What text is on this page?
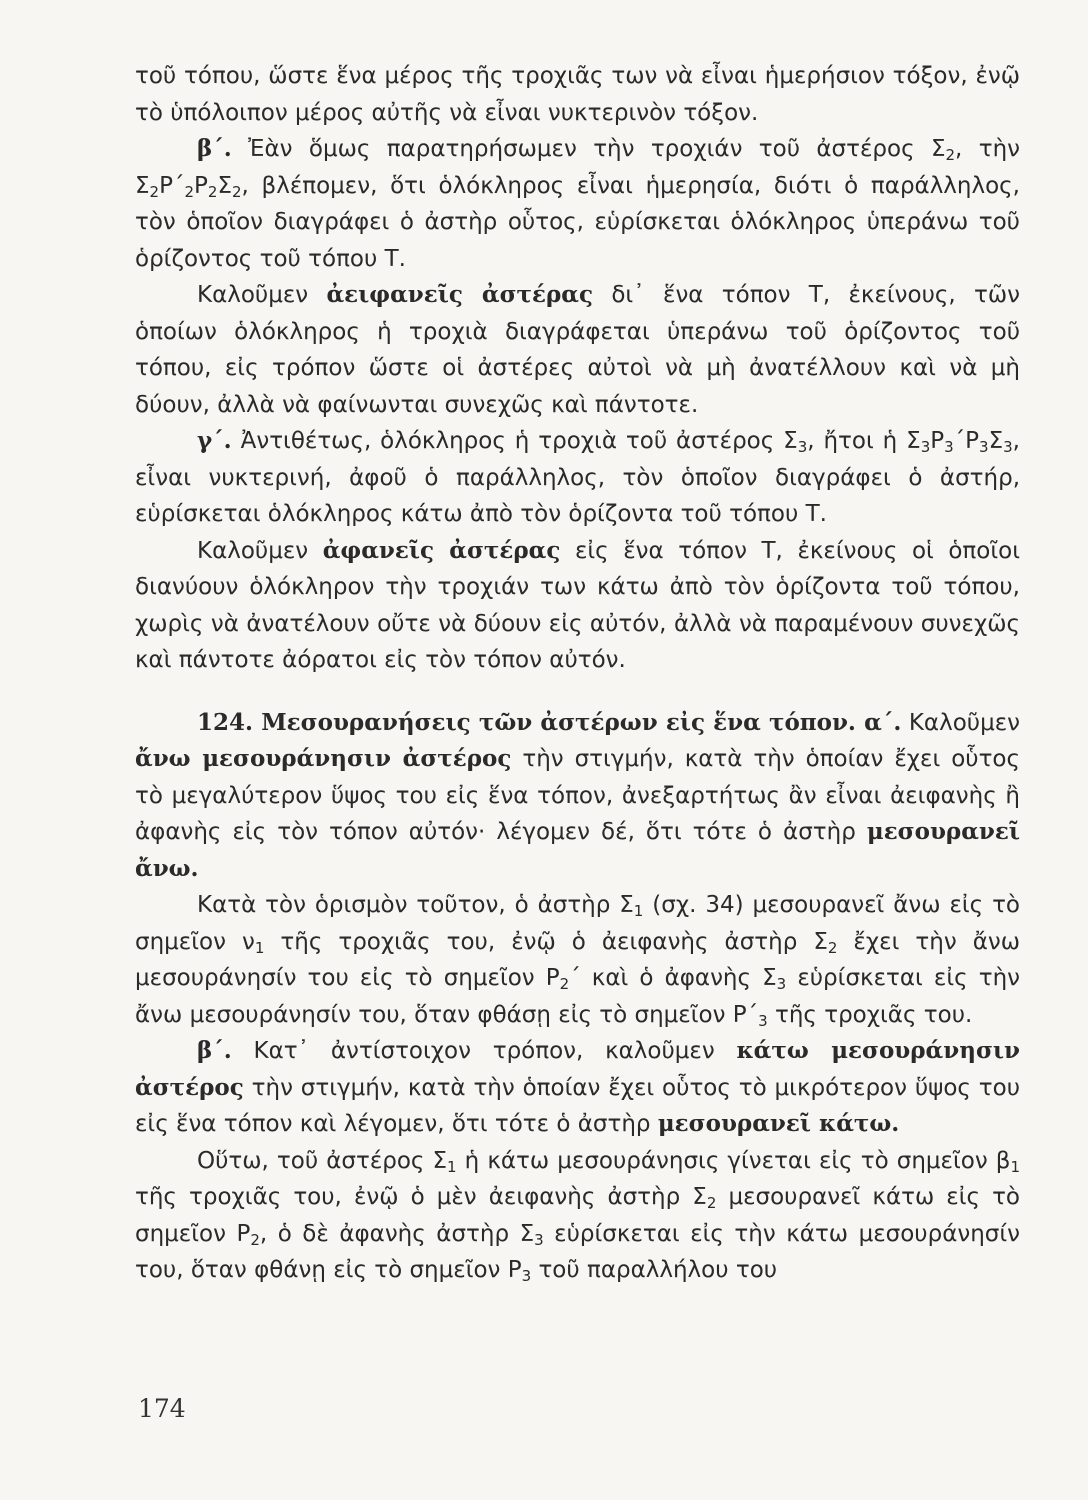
τοῦ τόπου, ὥστε ἕνα μέρος τῆς τροχιᾶς των νὰ εἶναι ἡμερήσιον τόξον, ἐνῷ τὸ ὑπόλοιπον μέρος αὐτῆς νὰ εἶναι νυκτερινὸν τόξον.

β΄. Ἐὰν ὅμως παρατηρήσωμεν τὴν τροχιάν τοῦ ἀστέρος $\Sigma_2$, τὴν $\Sigma_2P΄_2P_2\Sigma_2$, βλέπομεν, ὅτι ὁλόκληρος εἶναι ἡμερησία, διότι ὁ παράλληλος, τὸν ὁποῖον διαγράφει ὁ ἀστὴρ οὗτος, εὑρίσκεται ὁλόκληρος ὑπεράνω τοῦ ὁρίζοντος τοῦ τόπου Τ.

Καλοῦμεν ἀειφανεῖς ἀστέρας δι᾽ ἕνα τόπον Τ, ἐκείνους, τῶν ὁποίων ὁλόκληρος ἡ τροχιὰ διαγράφεται ὑπεράνω τοῦ ὁρίζοντος τοῦ τόπου, εἰς τρόπον ὥστε οἱ ἀστέρες αὐτοὶ νὰ μὴ ἀνατέλλουν καὶ νὰ μὴ δύουν, ἀλλὰ νὰ φαίνωνται συνεχῶς καὶ πάντοτε.

γ΄. Ἀντιθέτως, ὁλόκληρος ἡ τροχιὰ τοῦ ἀστέρος $\Sigma_3$, ἤτοι ἡ $\Sigma_3P_3΄P_3\Sigma_3$, εἶναι νυκτερινή, ἀφοῦ ὁ παράλληλος, τὸν ὁποῖον διαγράφει ὁ ἀστήρ, εὑρίσκεται ὁλόκληρος κάτω ἀπὸ τὸν ὁρίζοντα τοῦ τόπου Τ.

Καλοῦμεν ἀφανεῖς ἀστέρας εἰς ἕνα τόπον Τ, ἐκείνους οἱ ὁποῖοι διανύουν ὁλόκληρον τὴν τροχιάν των κάτω ἀπὸ τὸν ὁρίζοντα τοῦ τόπου, χωρὶς νὰ ἀνατέλουν οὔτε νὰ δύουν εἰς αὐτόν, ἀλλὰ νὰ παραμένουν συνεχῶς καὶ πάντοτε ἀόρατοι εἰς τὸν τόπον αὐτόν.

124. Μεσουρανήσεις τῶν ἀστέρων εἰς ἕνα τόπον. α΄. Καλοῦμεν ἄνω μεσουράνησιν ἀστέρος τὴν στιγμήν, κατὰ τὴν ὁποίαν ἔχει οὗτος τὸ μεγαλύτερον ὕψος του εἰς ἕνα τόπον, ἀνεξαρτήτως ἂν εἶναι ἀειφανὴς ἢ ἀφανὴς εἰς τὸν τόπον αὐτόν· λέγομεν δέ, ὅτι τότε ὁ ἀστὴρ μεσουρανεῖ ἄνω.

Κατὰ τὸν ὁρισμὸν τοῦτον, ὁ ἀστὴρ $\Sigma_1$ (σχ. 34) μεσουρανεῖ ἄνω εἰς τὸ σημεῖον $\nu_1$ τῆς τροχιᾶς του, ἐνῷ ὁ ἀειφανὴς ἀστὴρ $\Sigma_2$ ἔχει τὴν ἄνω μεσουράνησίν του εἰς τὸ σημεῖον $P_2΄$ καὶ ὁ ἀφανὴς $\Sigma_3$ εὑρίσκεται εἰς τὴν ἄνω μεσουράνησίν του, ὅταν φθάσῃ εἰς τὸ σημεῖον $P΄_3$ τῆς τροχιᾶς του.

β΄. Κατ᾽ ἀντίστοιχον τρόπον, καλοῦμεν κάτω μεσουράνησιν ἀστέρος τὴν στιγμήν, κατὰ τὴν ὁποίαν ἔχει οὗτος τὸ μικρότερον ὕψος του εἰς ἕνα τόπον καὶ λέγομεν, ὅτι τότε ὁ ἀστὴρ μεσουρανεῖ κάτω.

Οὕτω, τοῦ ἀστέρος $\Sigma_1$ ἡ κάτω μεσουράνησις γίνεται εἰς τὸ σημεῖον $\beta_1$ τῆς τροχιᾶς του, ἐνῷ ὁ μὲν ἀειφανὴς ἀστὴρ $\Sigma_2$ μεσουρανεῖ κάτω εἰς τὸ σημεῖον $P_2$, ὁ δὲ ἀφανὴς ἀστὴρ $\Sigma_3$ εὑρίσκεται εἰς τὴν κάτω μεσουράνησίν του, ὅταν φθάνῃ εἰς τὸ σημεῖον $P_3$ τοῦ παραλλήλου του

174
